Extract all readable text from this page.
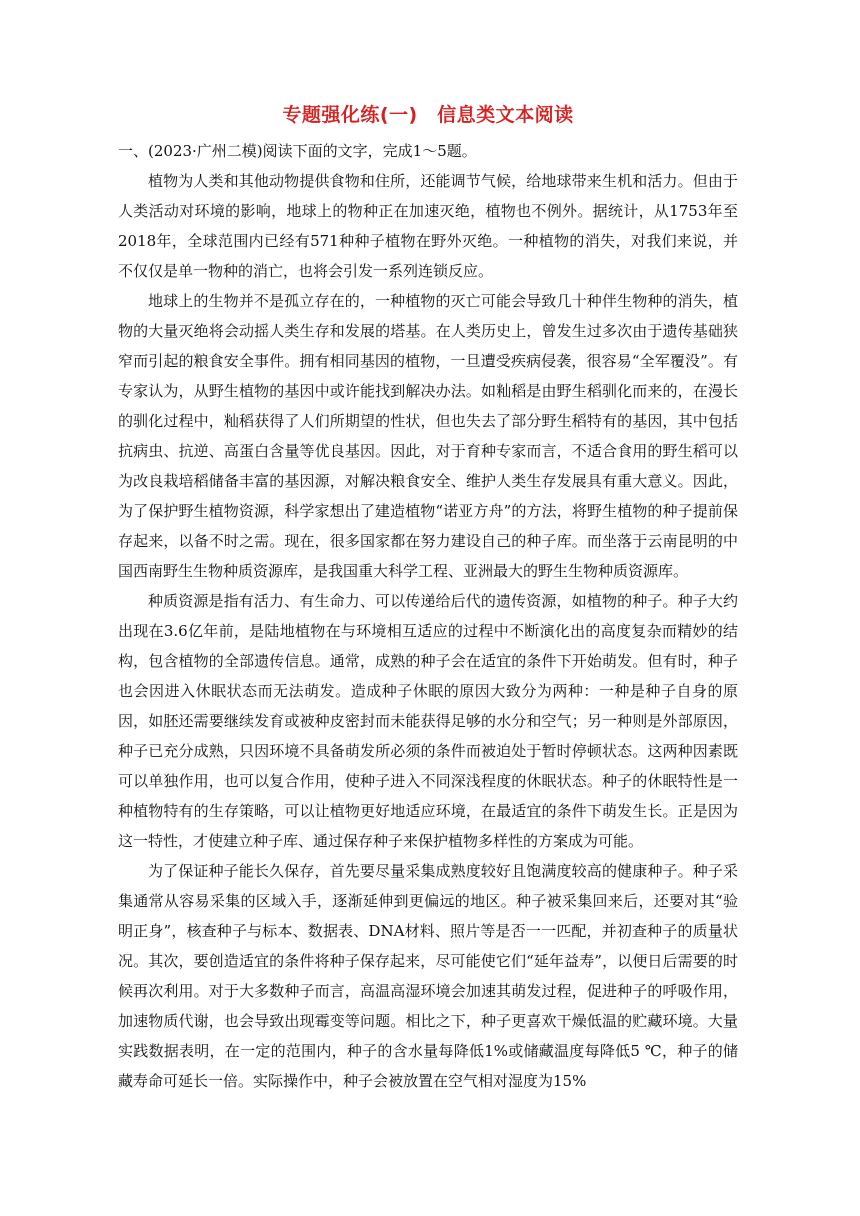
专题强化练(一)　信息类文本阅读

一、(2023·广州二模)阅读下面的文字，完成1～5题。

植物为人类和其他动物提供食物和住所，还能调节气候，给地球带来生机和活力。但由于人类活动对环境的影响，地球上的物种正在加速灭绝，植物也不例外。据统计，从1753年至2018年，全球范围内已经有571种种子植物在野外灭绝。一种植物的消失，对我们来说，并不仅仅是单一物种的消亡，也将会引发一系列连锁反应。

地球上的生物并不是孤立存在的，一种植物的灭亡可能会导致几十种伴生物种的消失，植物的大量灭绝将会动摇人类生存和发展的塔基。在人类历史上，曾发生过多次由于遗传基础狭窄而引起的粮食安全事件。拥有相同基因的植物，一旦遭受疾病侵袭，很容易“全军覆没”。有专家认为，从野生植物的基因中或许能找到解决办法。如籼稻是由野生稻驯化而来的，在漫长的驯化过程中，籼稻获得了人们所期望的性状，但也失去了部分野生稻特有的基因，其中包括抗病虫、抗逆、高蛋白含量等优良基因。因此，对于育种专家而言，不适合食用的野生稻可以为改良栽培稻储备丰富的基因源，对解决粮食安全、维护人类生存发展具有重大意义。因此，为了保护野生植物资源，科学家想出了建造植物“诺亚方舟”的方法，将野生植物的种子提前保存起来，以备不时之需。现在，很多国家都在努力建设自己的种子库。而坐落于云南昆明的中国西南野生生物种质资源库，是我国重大科学工程、亚洲最大的野生生物种质资源库。

种质资源是指有活力、有生命力、可以传递给后代的遗传资源，如植物的种子。种子大约出现在3.6亿年前，是陆地植物在与环境相互适应的过程中不断演化出的高度复杂而精妙的结构，包含植物的全部遗传信息。通常，成熟的种子会在适宜的条件下开始萌发。但有时，种子也会因进入休眠状态而无法萌发。造成种子休眠的原因大致分为两种：一种是种子自身的原因，如胚还需要继续发育或被种皮密封而未能获得足够的水分和空气；另一种则是外部原因，种子已充分成熟，只因环境不具备萌发所必须的条件而被迫处于暂时停顿状态。这两种因素既可以单独作用，也可以复合作用，使种子进入不同深浅程度的休眠状态。种子的休眠特性是一种植物特有的生存策略，可以让植物更好地适应环境，在最适宜的条件下萌发生长。正是因为这一特性，才使建立种子库、通过保存种子来保护植物多样性的方案成为可能。

为了保证种子能长久保存，首先要尽量采集成熟度较好且饱满度较高的健康种子。种子采集通常从容易采集的区域入手，逐渐延伸到更偏远的地区。种子被采集回来后，还要对其“验明正身”，核查种子与标本、数据表、DNA材料、照片等是否一一匹配，并初查种子的质量状况。其次，要创造适宜的条件将种子保存起来，尽可能使它们“延年益寿”，以便日后需要的时候再次利用。对于大多数种子而言，高温高湿环境会加速其萌发过程，促进种子的呼吸作用，加速物质代谢，也会导致出现霉变等问题。相比之下，种子更喜欢干燥低温的贮藏环境。大量实践数据表明，在一定的范围内，种子的含水量每降低1%或储藏温度每降低5 ℃，种子的储藏寿命可延长一倍。实际操作中，种子会被放置在空气相对湿度为15%
